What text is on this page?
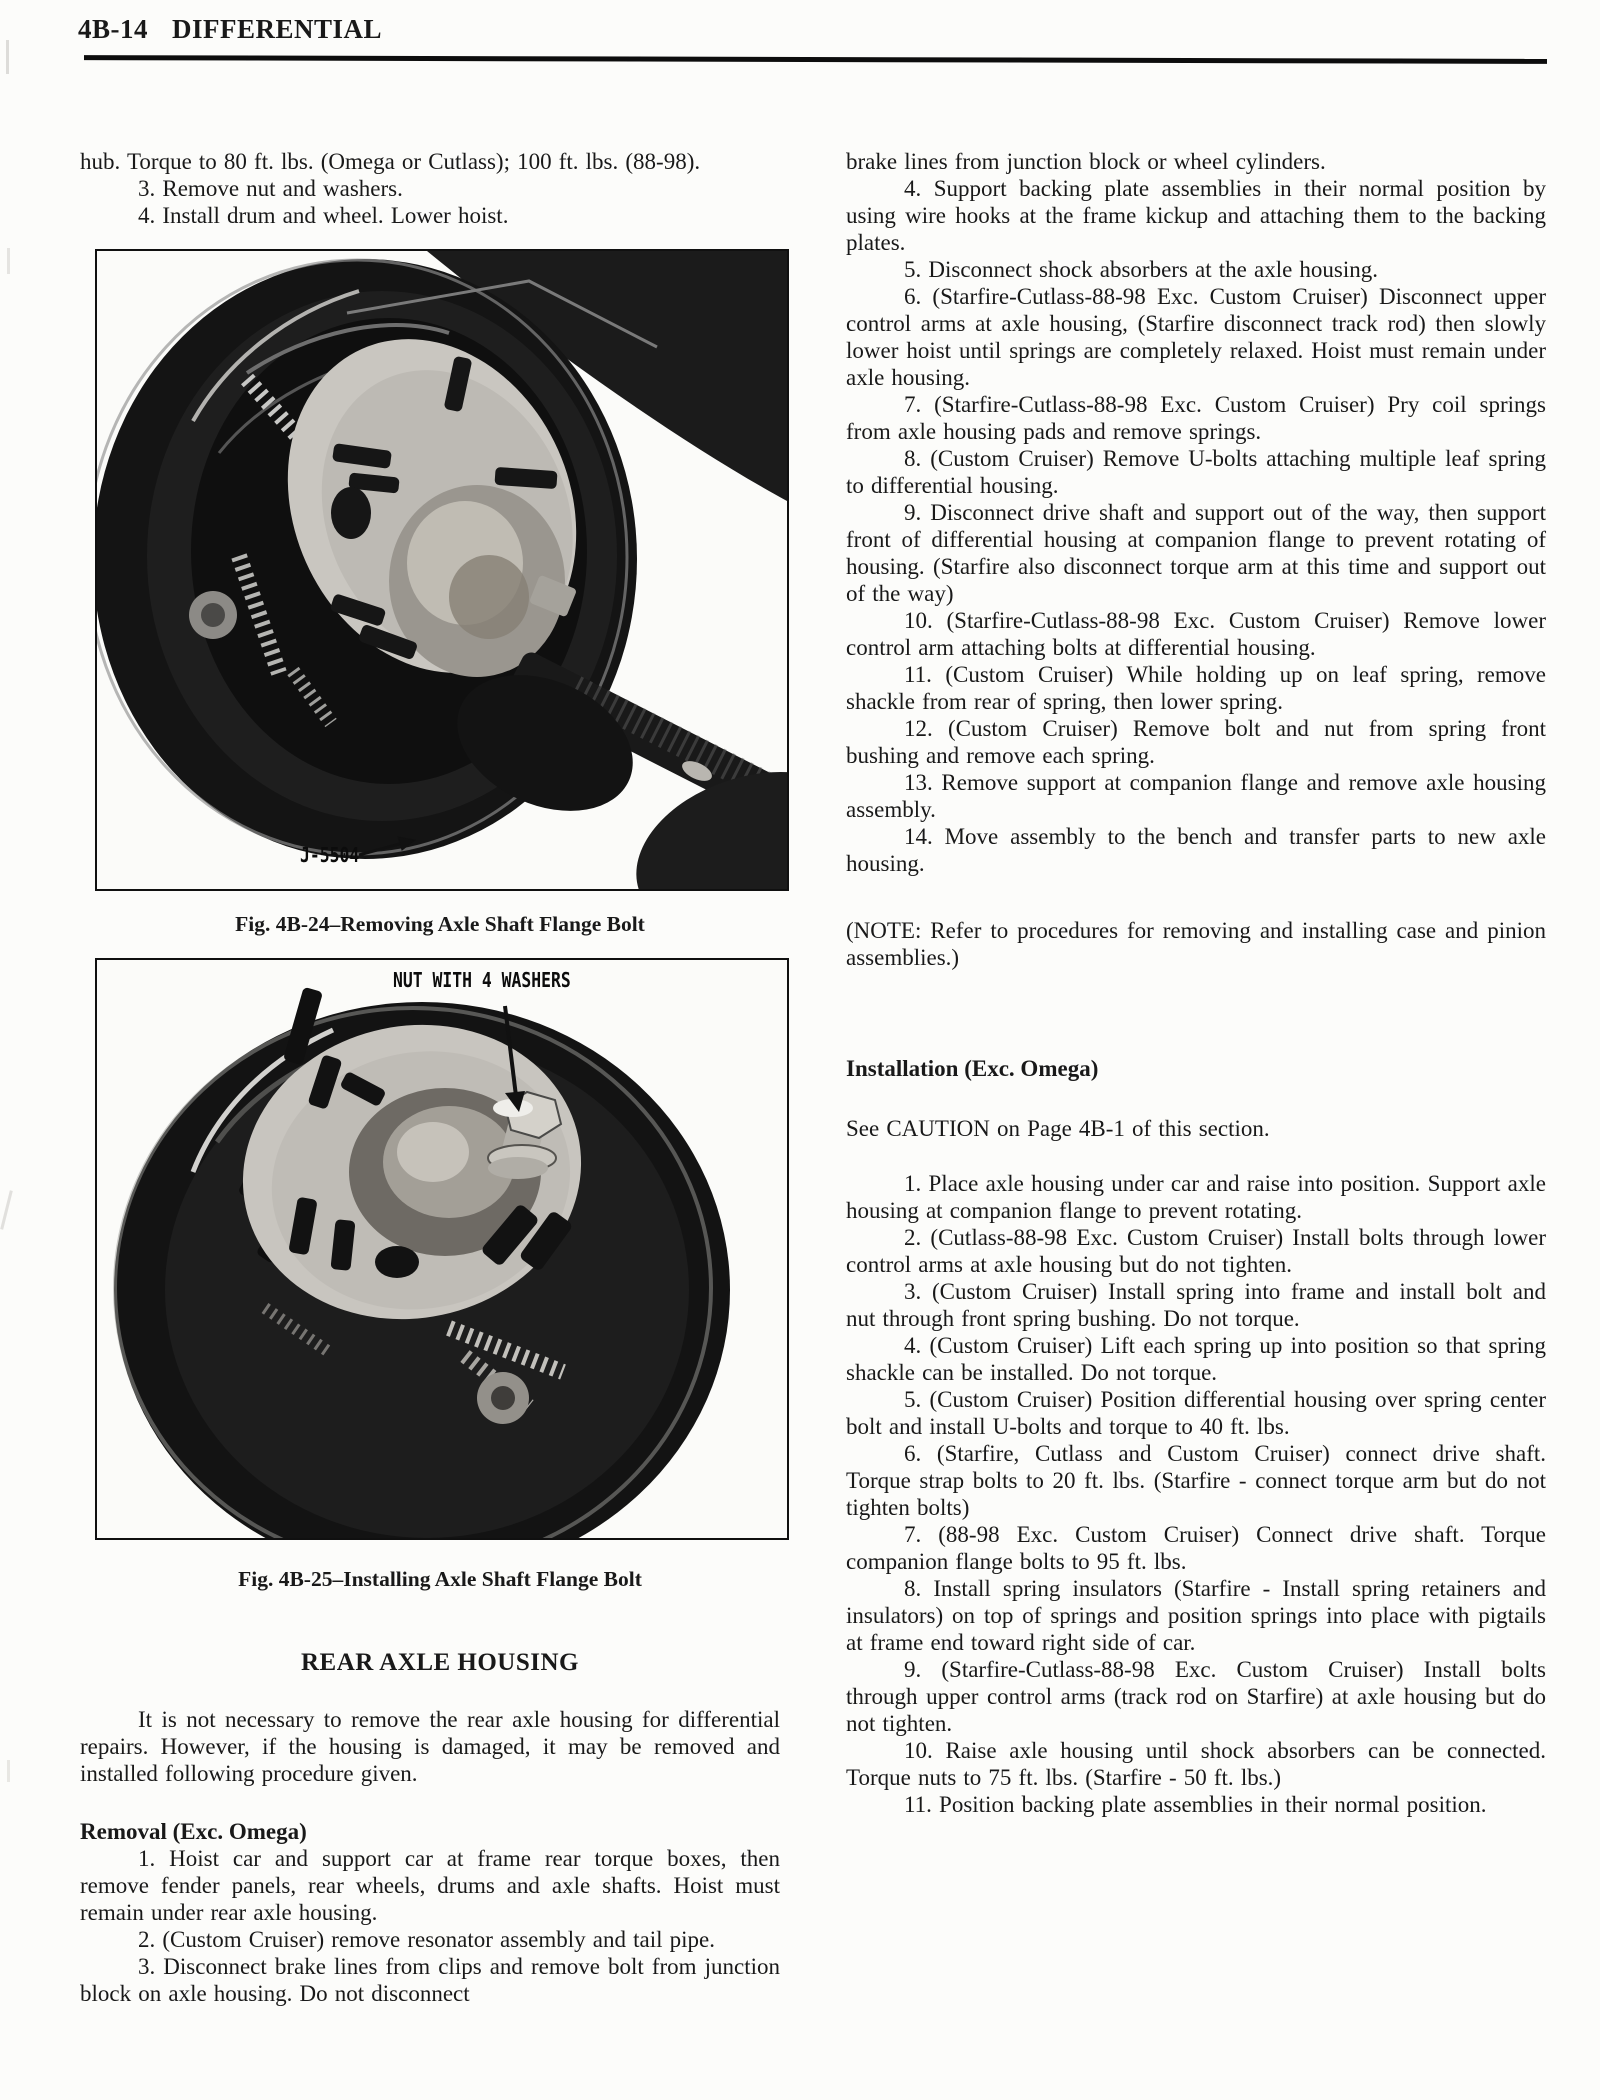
4B-14 DIFFERENTIAL

hub. Torque to 80 ft. lbs. (Omega or Cutlass); 100 ft. lbs. (88-98).

3. Remove nut and washers.

4. Install drum and wheel. Lower hoist.

J-5504
Fig. 4B-24–Removing Axle Shaft Flange Bolt
NUT WITH 4 WASHERS
Fig. 4B-25–Installing Axle Shaft Flange Bolt
REAR AXLE HOUSING

It is not necessary to remove the rear axle housing for differential repairs. However, if the housing is damaged, it may be removed and installed following procedure given.

Removal (Exc. Omega)

1. Hoist car and support car at frame rear torque boxes, then remove fender panels, rear wheels, drums and axle shafts. Hoist must remain under rear axle housing.

2. (Custom Cruiser) remove resonator assembly and tail pipe.

3. Disconnect brake lines from clips and remove bolt from junction block on axle housing. Do not disconnect

brake lines from junction block or wheel cylinders.

4. Support backing plate assemblies in their normal position by using wire hooks at the frame kickup and attaching them to the backing plates.

5. Disconnect shock absorbers at the axle housing.

6. (Starfire-Cutlass-88-98 Exc. Custom Cruiser) Disconnect upper control arms at axle housing, (Starfire disconnect track rod) then slowly lower hoist until springs are completely relaxed. Hoist must remain under axle housing.

7. (Starfire-Cutlass-88-98 Exc. Custom Cruiser) Pry coil springs from axle housing pads and remove springs.

8. (Custom Cruiser) Remove U-bolts attaching multiple leaf spring to differential housing.

9. Disconnect drive shaft and support out of the way, then support front of differential housing at companion flange to prevent rotating of housing. (Starfire also disconnect torque arm at this time and support out of the way)

10. (Starfire-Cutlass-88-98 Exc. Custom Cruiser) Remove lower control arm attaching bolts at differential housing.

11. (Custom Cruiser) While holding up on leaf spring, remove shackle from rear of spring, then lower spring.

12. (Custom Cruiser) Remove bolt and nut from spring front bushing and remove each spring.

13. Remove support at companion flange and remove axle housing assembly.

14. Move assembly to the bench and transfer parts to new axle housing.

(NOTE: Refer to procedures for removing and installing case and pinion assemblies.)

Installation (Exc. Omega)

See CAUTION on Page 4B-1 of this section.

1. Place axle housing under car and raise into position. Support axle housing at companion flange to prevent rotating.

2. (Cutlass-88-98 Exc. Custom Cruiser) Install bolts through lower control arms at axle housing but do not tighten.

3. (Custom Cruiser) Install spring into frame and install bolt and nut through front spring bushing. Do not torque.

4. (Custom Cruiser) Lift each spring up into position so that spring shackle can be installed. Do not torque.

5. (Custom Cruiser) Position differential housing over spring center bolt and install U-bolts and torque to 40 ft. lbs.

6. (Starfire, Cutlass and Custom Cruiser) connect drive shaft. Torque strap bolts to 20 ft. lbs. (Starfire - connect torque arm but do not tighten bolts)

7. (88-98 Exc. Custom Cruiser) Connect drive shaft. Torque companion flange bolts to 95 ft. lbs.

8. Install spring insulators (Starfire - Install spring retainers and insulators) on top of springs and position springs into place with pigtails at frame end toward right side of car.

9. (Starfire-Cutlass-88-98 Exc. Custom Cruiser) Install bolts through upper control arms (track rod on Starfire) at axle housing but do not tighten.

10. Raise axle housing until shock absorbers can be connected. Torque nuts to 75 ft. lbs. (Starfire - 50 ft. lbs.)

11. Position backing plate assemblies in their normal position.
